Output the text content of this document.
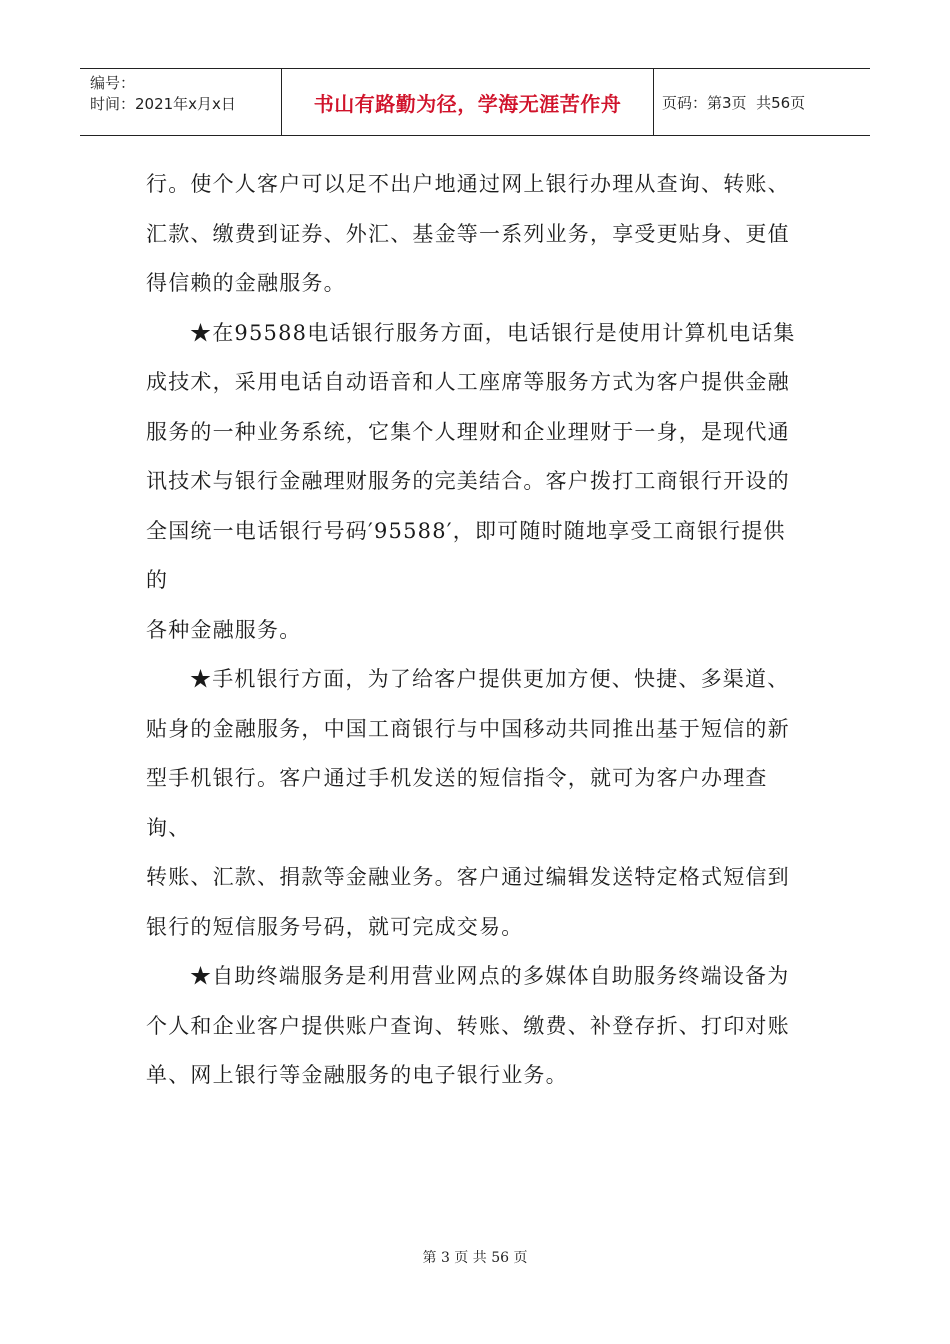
编号：
时间：2021年x月x日	书山有路勤为径，学海无涯苦作舟	页码：第3页  共56页
行。使个人客户可以足不出户地通过网上银行办理从查询、转账、
汇款、缴费到证券、外汇、基金等一系列业务，享受更贴身、更值
得信赖的金融服务。
★在95588电话银行服务方面，电话银行是使用计算机电话集
成技术，采用电话自动语音和人工座席等服务方式为客户提供金融
服务的一种业务系统，它集个人理财和企业理财于一身，是现代通
讯技术与银行金融理财服务的完美结合。客户拨打工商银行开设的
全国统一电话银行号码′95588′，即可随时随地享受工商银行提供的
各种金融服务。
★手机银行方面，为了给客户提供更加方便、快捷、多渠道、
贴身的金融服务，中国工商银行与中国移动共同推出基于短信的新
型手机银行。客户通过手机发送的短信指令，就可为客户办理查询、
转账、汇款、捐款等金融业务。客户通过编辑发送特定格式短信到
银行的短信服务号码，就可完成交易。
★自助终端服务是利用营业网点的多媒体自助服务终端设备为
个人和企业客户提供账户查询、转账、缴费、补登存折、打印对账
单、网上银行等金融服务的电子银行业务。
第 3 页 共 56 页
